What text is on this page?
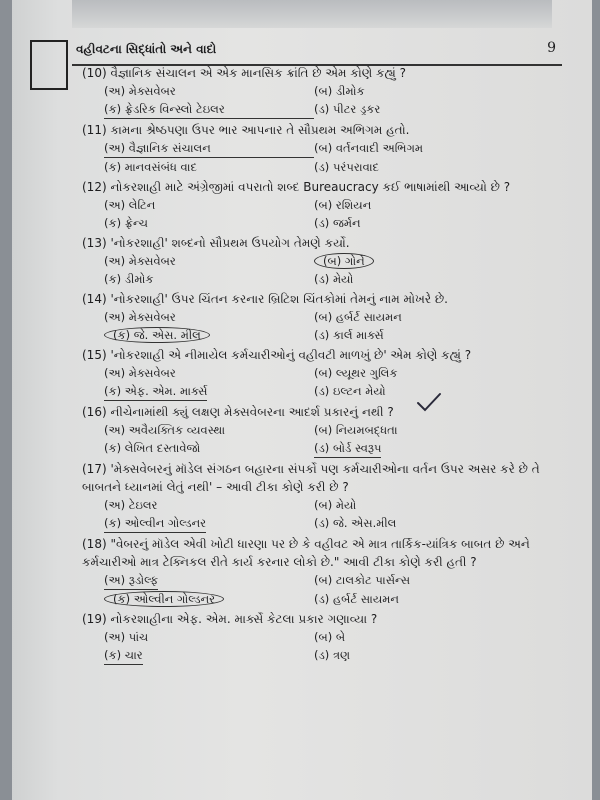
વહીવટના સિદ્ધાંતો અને વાદો	9
(10) વૈજ્ઞાનિક સંચાલન એ એક માનસિક ક્રાંતિ છે એમ કોણે કહ્યું ?
(અ) મેક્સવેબર	(બ) ડીમોક
(ક) ફ્રેડરિક વિન્સ્લો ટેઇલર	(ડ) પીટર ડ્રકર
(11) કામના શ્રેષ્ઠપણા ઉપર ભાર આપનાર તે સૌપ્રથમ અભિગમ હતો.
(અ) વૈજ્ઞાનિક સંચાલન	(બ) વર્તનવાદી અભિગમ
(ક) માનવસંબંધ વાદ	(ડ) પરંપરાવાદ
(12) નોકરશાહી માટે અંગ્રેજીમાં વપરાતો શબ્દ Bureaucracy કઈ ભાષામાંથી આવ્યો છે ?
(અ) લેટિન	(બ) રશિયન
(ક) ફ્રેન્ચ	(ડ) જર્મન
(13) 'નોકરશાહી' શબ્દનો સૌપ્રથમ ઉપયોગ તેમણે કર્યો.
(અ) મેક્સવેબર	(બ) ગોર્ને
(ક) ડીમોક	(ડ) મેયો
(14) 'નોકરશાહી' ઉપર ચિંતન કરનાર બ્રિટિશ ચિંતકોમાં તેમનું નામ મોખરે છે.
(અ) મેક્સવેબર	(બ) હર્બર્ટ સાયમન
(ક) જે. એસ. મીલ	(ડ) કાર્લ માર્ક્સ
(15) 'નોકરશાહી એ નીમાયેલ કર્મચારીઓનું વહીવટી માળખું છે' એમ કોણે કહ્યું ?
(અ) મેક્સવેબર	(બ) લ્યૂથર ગુલિક
(ક) એફ. એમ. માર્ક્સ	(ડ) ઇલ્ટન મેયો
(16) નીચેનામાંથી ક્યું લક્ષણ મેક્સવેબરના આદર્શ પ્રકારનું નથી ?
(અ) અવૈયક્તિક વ્યવસ્થા	(બ) નિયમબદ્ધતા
(ક) લેખિત દસ્તાવેજો	(ડ) બોર્ડ સ્વરૂપ
(17) 'મેક્સવેબરનું મૉડેલ સંગઠન બહારના સંપર્કો પણ કર્મચારીઓના વર્તન ઉપર અસર કરે છે તે બાબતને ધ્યાનમાં લેતું નથી' – આવી ટીકા કોણે કરી છે ?
(અ) ટેઇલર	(બ) મેયો
(ક) ઓલ્વીન ગોલ્ડનર	(ડ) જે. એસ.મીલ
(18) "વેબરનું મૉડેલ એવી ખોટી ધારણા પર છે કે વહીવટ એ માત્ર તાર્કિક-યાંત્રિક બાબત છે અને કર્મચારીઓ માત્ર ટેક્નિકલ રીતે કાર્ય કરનાર લોકો છે." આવી ટીકા કોણે કરી હતી ?
(અ) રૂડોલ્ફ	(બ) ટાલકોટ પાર્સન્સ
(ક) ઓલ્વીન ગોલ્ડનર	(ડ) હર્બર્ટ સાયમન
(19) નોકરશાહીના એફ. એમ. માર્ક્સે કેટલા પ્રકાર ગણાવ્યા ?
(અ) પાંચ	(બ) બે
(ક) ચાર	(ડ) ત્રણ
